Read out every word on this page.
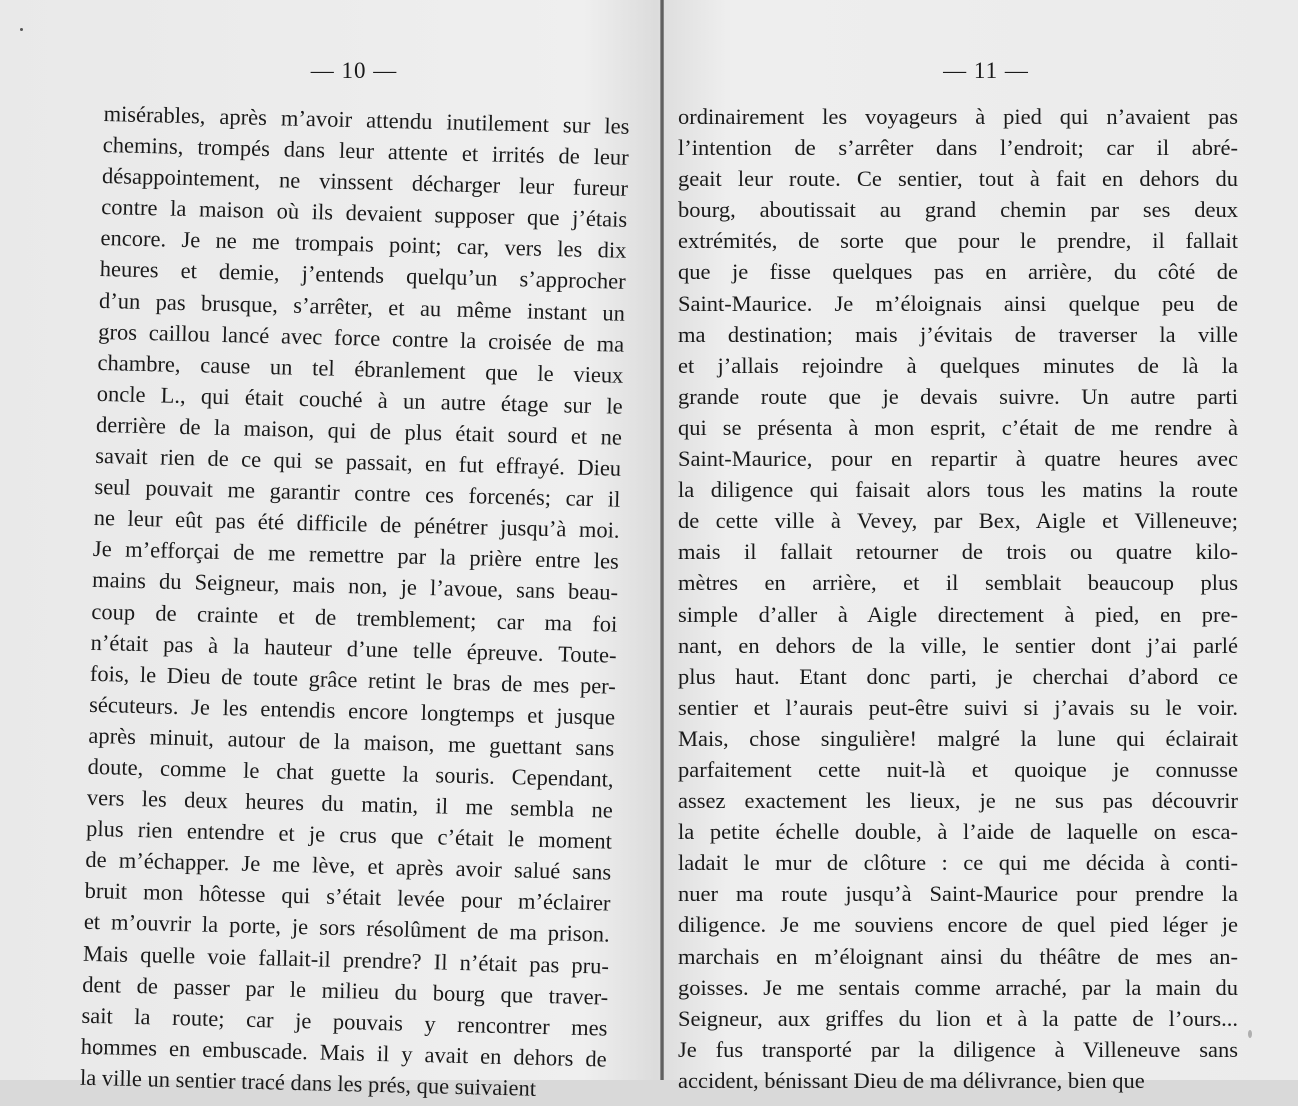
— 10 —
misérables, après m’avoir attendu inutilement sur les
chemins, trompés dans leur attente et irrités de leur
désappointement, ne vinssent décharger leur fureur
contre la maison où ils devaient supposer que j’étais
encore. Je ne me trompais point; car, vers les dix
heures et demie, j’entends quelqu’un s’approcher
d’un pas brusque, s’arrêter, et au même instant un
gros caillou lancé avec force contre la croisée de ma
chambre, cause un tel ébranlement que le vieux
oncle L., qui était couché à un autre étage sur le
derrière de la maison, qui de plus était sourd et ne
savait rien de ce qui se passait, en fut effrayé. Dieu
seul pouvait me garantir contre ces forcenés; car il
ne leur eût pas été difficile de pénétrer jusqu’à moi.
Je m’efforçai de me remettre par la prière entre les
mains du Seigneur, mais non, je l’avoue, sans beau-
coup de crainte et de tremblement; car ma foi
n’était pas à la hauteur d’une telle épreuve. Toute-
fois, le Dieu de toute grâce retint le bras de mes per-
sécuteurs. Je les entendis encore longtemps et jusque
après minuit, autour de la maison, me guettant sans
doute, comme le chat guette la souris. Cependant,
vers les deux heures du matin, il me sembla ne
plus rien entendre et je crus que c’était le moment
de m’échapper. Je me lève, et après avoir salué sans
bruit mon hôtesse qui s’était levée pour m’éclairer
et m’ouvrir la porte, je sors résolûment de ma prison.
Mais quelle voie fallait-il prendre? Il n’était pas pru-
dent de passer par le milieu du bourg que traver-
sait la route; car je pouvais y rencontrer mes
hommes en embuscade. Mais il y avait en dehors de
la ville un sentier tracé dans les prés, que suivaient
— 11 —
ordinairement les voyageurs à pied qui n’avaient pas
l’intention de s’arrêter dans l’endroit; car il abré-
geait leur route. Ce sentier, tout à fait en dehors du
bourg, aboutissait au grand chemin par ses deux
extrémités, de sorte que pour le prendre, il fallait
que je fisse quelques pas en arrière, du côté de
Saint-Maurice. Je m’éloignais ainsi quelque peu de
ma destination; mais j’évitais de traverser la ville
et j’allais rejoindre à quelques minutes de là la
grande route que je devais suivre. Un autre parti
qui se présenta à mon esprit, c’était de me rendre à
Saint-Maurice, pour en repartir à quatre heures avec
la diligence qui faisait alors tous les matins la route
de cette ville à Vevey, par Bex, Aigle et Villeneuve;
mais il fallait retourner de trois ou quatre kilo-
mètres en arrière, et il semblait beaucoup plus
simple d’aller à Aigle directement à pied, en pre-
nant, en dehors de la ville, le sentier dont j’ai parlé
plus haut. Etant donc parti, je cherchai d’abord ce
sentier et l’aurais peut-être suivi si j’avais su le voir.
Mais, chose singulière! malgré la lune qui éclairait
parfaitement cette nuit-là et quoique je connusse
assez exactement les lieux, je ne sus pas découvrir
la petite échelle double, à l’aide de laquelle on esca-
ladait le mur de clôture : ce qui me décida à conti-
nuer ma route jusqu’à Saint-Maurice pour prendre la
diligence. Je me souviens encore de quel pied léger je
marchais en m’éloignant ainsi du théâtre de mes an-
goisses. Je me sentais comme arraché, par la main du
Seigneur, aux griffes du lion et à la patte de l’ours...
Je fus transporté par la diligence à Villeneuve sans
accident, bénissant Dieu de ma délivrance, bien que
